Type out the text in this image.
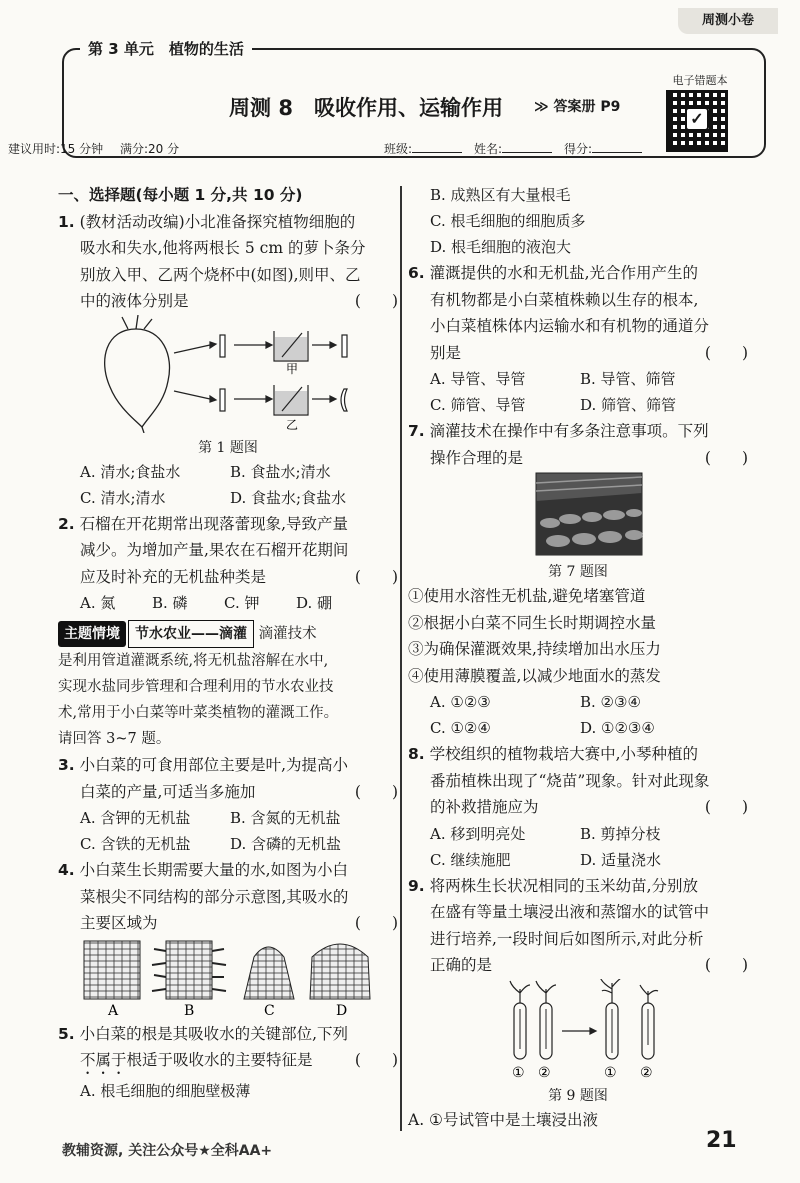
周测小卷
第 3 单元　植物的生活
周测 8　吸收作用、运输作用	≫ 答案册 P9
电子错题本
✓
建议用时:15 分钟 满分:20 分	班级:	姓名:	得分:
一、选择题(每小题 1 分,共 10 分)
1. (教材活动改编)小北准备探究植物细胞的
吸水和失水,他将两根长 5 cm 的萝卜条分
别放入甲、乙两个烧杯中(如图),则甲、乙
中的液体分别是	(　　)
甲
乙
第 1 题图
A. 清水;食盐水	B. 食盐水;清水
C. 清水;清水	D. 食盐水;食盐水
2. 石榴在开花期常出现落蕾现象,导致产量
减少。为增加产量,果农在石榴开花期间
应及时补充的无机盐种类是	(　　)
A. 氮	B. 磷	C. 钾	D. 硼
主题情境 节水农业——滴灌 滴灌技术
是利用管道灌溉系统,将无机盐溶解在水中,
实现水盐同步管理和合理利用的节水农业技
术,常用于小白菜等叶菜类植物的灌溉工作。
请回答 3~7 题。
3. 小白菜的可食用部位主要是叶,为提高小
白菜的产量,可适当多施加	(　　)
A. 含钾的无机盐	B. 含氮的无机盐
C. 含铁的无机盐	D. 含磷的无机盐
4. 小白菜生长期需要大量的水,如图为小白
菜根尖不同结构的部分示意图,其吸水的
主要区域为	(　　)
A	B	C	D
5. 小白菜的根是其吸收水的关键部位,下列
不属于根适于吸收水的主要特征是	(　　)
A. 根毛细胞的细胞壁极薄
B. 成熟区有大量根毛
C. 根毛细胞的细胞质多
D. 根毛细胞的液泡大
6. 灌溉提供的水和无机盐,光合作用产生的
有机物都是小白菜植株赖以生存的根本,
小白菜植株体内运输水和有机物的通道分
别是	(　　)
A. 导管、导管	B. 导管、筛管
C. 筛管、导管	D. 筛管、筛管
7. 滴灌技术在操作中有多条注意事项。下列
操作合理的是	(　　)
第 7 题图
①使用水溶性无机盐,避免堵塞管道
②根据小白菜不同生长时期调控水量
③为确保灌溉效果,持续增加出水压力
④使用薄膜覆盖,以减少地面水的蒸发
A. ①②③	B. ②③④
C. ①②④	D. ①②③④
8. 学校组织的植物栽培大赛中,小琴种植的
番茄植株出现了“烧苗”现象。针对此现象
的补救措施应为	(　　)
A. 移到明亮处	B. 剪掉分枝
C. 继续施肥	D. 适量浇水
9. 将两株生长状况相同的玉米幼苗,分别放
在盛有等量土壤浸出液和蒸馏水的试管中
进行培养,一段时间后如图所示,对此分析
正确的是	(　　)
① ②	① ②
第 9 题图
A. ①号试管中是土壤浸出液
教辅资源, 关注公众号★全科AA+	21
